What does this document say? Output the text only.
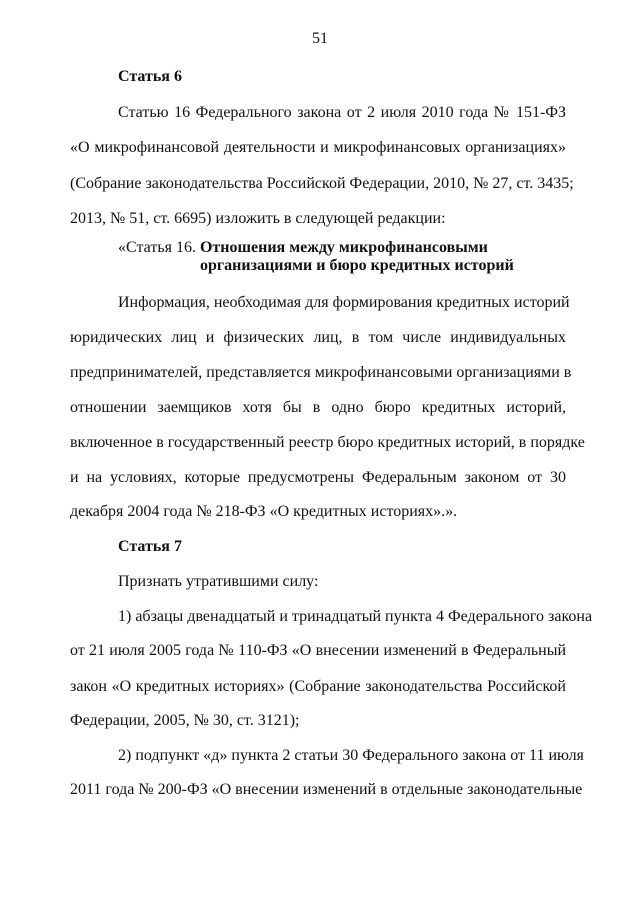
51
Статья 6
Статью 16 Федерального закона от 2 июля 2010 года № 151-ФЗ
«О микрофинансовой деятельности и микрофинансовых организациях»
(Собрание законодательства Российской Федерации, 2010, № 27, ст. 3435;
2013, № 51, ст. 6695) изложить в следующей редакции:
«Статья 16. Отношения между микрофинансовыми
организациями и бюро кредитных историй
Информация, необходимая для формирования кредитных историй
юридических лиц и физических лиц, в том числе индивидуальных
предпринимателей, представляется микрофинансовыми организациями в
отношении заемщиков хотя бы в одно бюро кредитных историй,
включенное в государственный реестр бюро кредитных историй, в порядке
и на условиях, которые предусмотрены Федеральным законом от 30
декабря 2004 года № 218-ФЗ «О кредитных историях».».
Статья 7
Признать утратившими силу:
1) абзацы двенадцатый и тринадцатый пункта 4 Федерального закона
от 21 июля 2005 года № 110-ФЗ «О внесении изменений в Федеральный
закон «О кредитных историях» (Собрание законодательства Российской
Федерации, 2005, № 30, ст. 3121);
2) подпункт «д» пункта 2 статьи 30 Федерального закона от 11 июля
2011 года № 200-ФЗ «О внесении изменений в отдельные законодательные
